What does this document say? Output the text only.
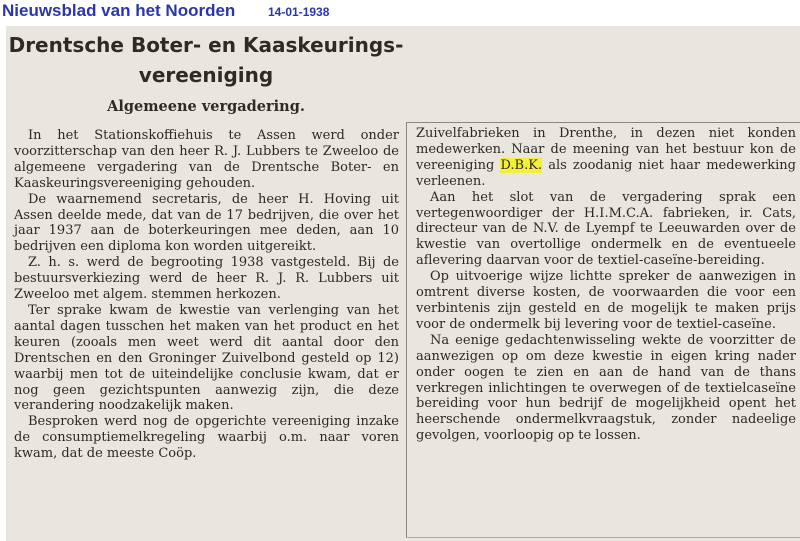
Nieuwsblad van het Noorden	14-01-1938
Drentsche Boter- en Kaaskeurings-
vereeniging
Algemeene vergadering.

In het Stationskoffiehuis te Assen werd onder voorzitterschap van den heer R. J. Lubbers te Zweeloo de algemeene vergadering van de Drentsche Boter- en Kaaskeuringsvereeniging gehouden.

De waarnemend secretaris, de heer H. Hoving uit Assen deelde mede, dat van de 17 bedrijven, die over het jaar 1937 aan de boterkeuringen mee deden, aan 10 bedrijven een diploma kon worden uitgereikt.

Z. h. s. werd de begrooting 1938 vastgesteld. Bij de bestuursverkiezing werd de heer R. J. R. Lubbers uit Zweeloo met algem. stemmen herkozen.

Ter sprake kwam de kwestie van verlenging van het aantal dagen tusschen het maken van het product en het keuren (zooals men weet werd dit aantal door den Drentschen en den Groninger Zuivelbond gesteld op 12) waarbij men tot de uiteindelijke conclusie kwam, dat er nog geen gezichtspunten aanwezig zijn, die deze verandering noodzakelijk maken.

Besproken werd nog de opgerichte vereeniging inzake de consumptiemelkregeling waarbij o.m. naar voren kwam, dat de meeste Coöp.

Zuivelfabrieken in Drenthe, in dezen niet konden medewerken. Naar de meening van het bestuur kon de vereeniging D.B.K. als zoodanig niet haar medewerking verleenen.

Aan het slot van de vergadering sprak een vertegenwoordiger der H.I.M.C.A. fabrieken, ir. Cats, directeur van de N.V. de Lyempf te Leeuwarden over de kwestie van overtollige ondermelk en de eventueele aflevering daarvan voor de textiel-caseïne-bereiding.

Op uitvoerige wijze lichtte spreker de aanwezigen in omtrent diverse kosten, de voorwaarden die voor een verbintenis zijn gesteld en de mogelijk te maken prijs voor de ondermelk bij levering voor de textiel-caseïne.

Na eenige gedachtenwisseling wekte de voorzitter de aanwezigen op om deze kwestie in eigen kring nader onder oogen te zien en aan de hand van de thans verkregen inlichtingen te overwegen of de textielcaseïne bereiding voor hun bedrijf de mogelijkheid opent het heerschende ondermelkvraagstuk, zonder nadeelige gevolgen, voorloopig op te lossen.
